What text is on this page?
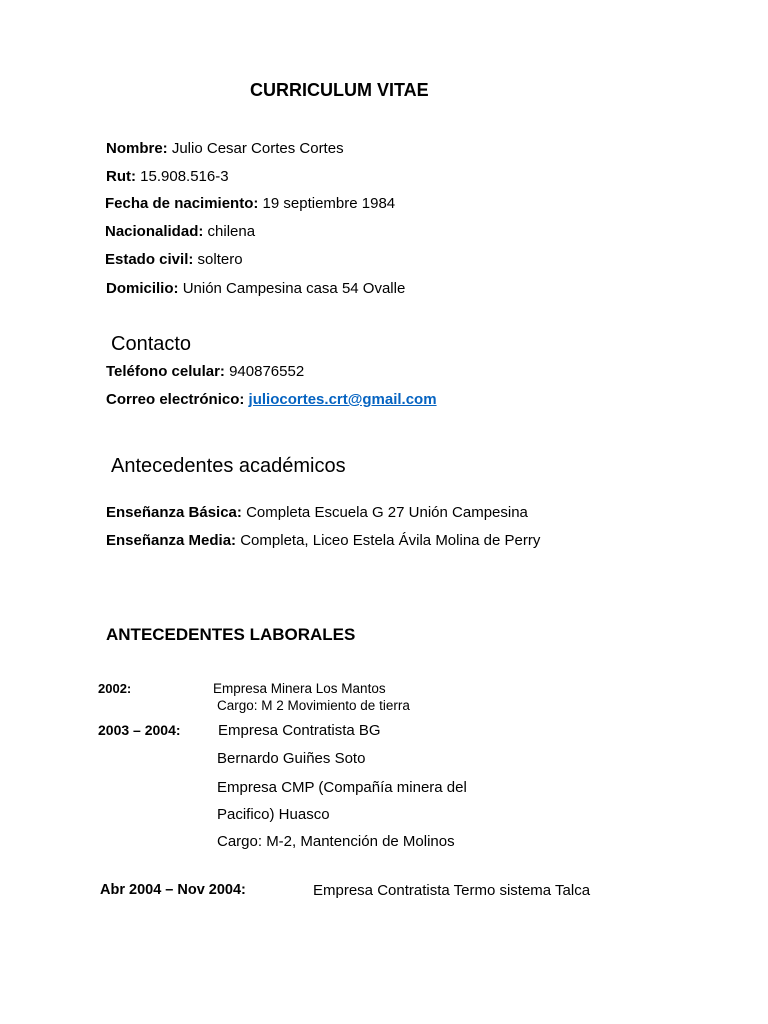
CURRICULUM VITAE
Nombre: Julio Cesar Cortes Cortes
Rut: 15.908.516-3
Fecha de nacimiento: 19 septiembre 1984
Nacionalidad: chilena
Estado civil: soltero
Domicilio: Unión Campesina casa 54 Ovalle
Contacto
Teléfono celular: 940876552
Correo electrónico: juliocortes.crt@gmail.com
Antecedentes académicos
Enseñanza Básica: Completa Escuela G 27 Unión Campesina
Enseñanza Media: Completa, Liceo Estela Ávila Molina de Perry
ANTECEDENTES LABORALES
2002:	Empresa Minera Los Mantos
Cargo: M 2 Movimiento de tierra
2003 – 2004: Empresa Contratista BG
Bernardo Guiñes Soto
Empresa CMP (Compañía minera del
Pacifico) Huasco
Cargo: M-2, Mantención de Molinos
Abr 2004 – Nov 2004:	Empresa Contratista Termo sistema Talca
